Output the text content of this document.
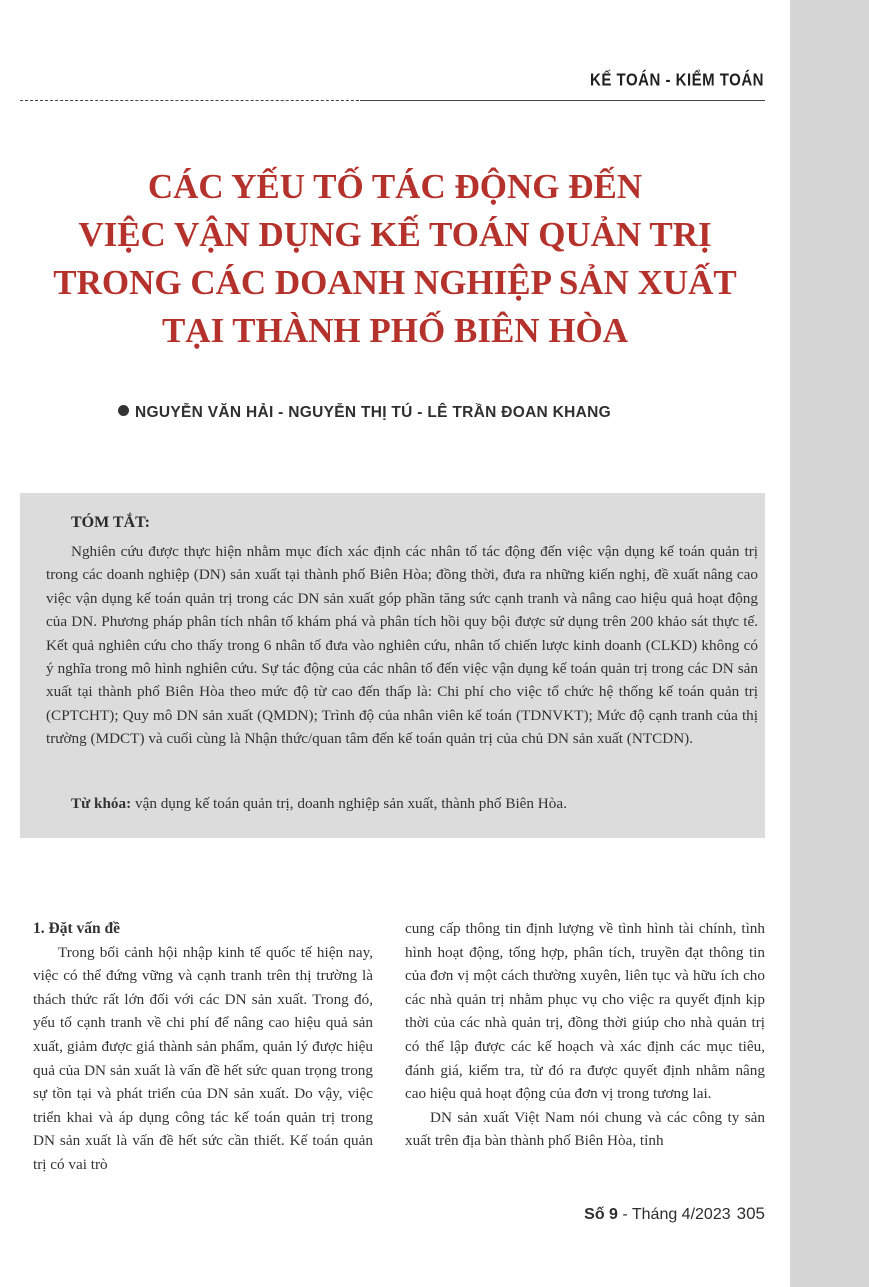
KẾ TOÁN - KIỂM TOÁN
CÁC YẾU TỐ TÁC ĐỘNG ĐẾN
VIỆC VẬN DỤNG KẾ TOÁN QUẢN TRỊ
TRONG CÁC DOANH NGHIỆP SẢN XUẤT
TẠI THÀNH PHỐ BIÊN HÒA
NGUYỄN VĂN HẢI - NGUYỄN THỊ TÚ - LÊ TRẦN ĐOAN KHANG
TÓM TẮT:

Nghiên cứu được thực hiện nhằm mục đích xác định các nhân tố tác động đến việc vận dụng kế toán quản trị trong các doanh nghiệp (DN) sản xuất tại thành phố Biên Hòa; đồng thời, đưa ra những kiến nghị, đề xuất nâng cao việc vận dụng kế toán quản trị trong các DN sản xuất góp phần tăng sức cạnh tranh và nâng cao hiệu quả hoạt động của DN. Phương pháp phân tích nhân tố khám phá và phân tích hồi quy bội được sử dụng trên 200 khảo sát thực tế. Kết quả nghiên cứu cho thấy trong 6 nhân tố đưa vào nghiên cứu, nhân tố chiến lược kinh doanh (CLKD) không có ý nghĩa trong mô hình nghiên cứu. Sự tác động của các nhân tố đến việc vận dụng kế toán quản trị trong các DN sản xuất tại thành phố Biên Hòa theo mức độ từ cao đến thấp là: Chi phí cho việc tổ chức hệ thống kế toán quản trị (CPTCHT); Quy mô DN sản xuất (QMDN); Trình độ của nhân viên kế toán (TDNVKT); Mức độ cạnh tranh của thị trường (MDCT) và cuối cùng là Nhận thức/quan tâm đến kế toán quản trị của chủ DN sản xuất (NTCDN).

Từ khóa: vận dụng kế toán quản trị, doanh nghiệp sản xuất, thành phố Biên Hòa.

1. Đặt vấn đề

Trong bối cảnh hội nhập kinh tế quốc tế hiện nay, việc có thể đứng vững và cạnh tranh trên thị trường là thách thức rất lớn đối với các DN sản xuất. Trong đó, yếu tố cạnh tranh về chi phí để nâng cao hiệu quả sản xuất, giảm được giá thành sản phẩm, quản lý được hiệu quả của DN sản xuất là vấn đề hết sức quan trọng trong sự tồn tại và phát triển của DN sản xuất. Do vậy, việc triển khai và áp dụng công tác kế toán quản trị trong DN sản xuất là vấn đề hết sức cần thiết. Kế toán quản trị có vai trò

cung cấp thông tin định lượng về tình hình tài chính, tình hình hoạt động, tổng hợp, phân tích, truyền đạt thông tin của đơn vị một cách thường xuyên, liên tục và hữu ích cho các nhà quản trị nhằm phục vụ cho việc ra quyết định kịp thời của các nhà quản trị, đồng thời giúp cho nhà quản trị có thể lập được các kế hoạch và xác định các mục tiêu, đánh giá, kiểm tra, từ đó ra được quyết định nhằm nâng cao hiệu quả hoạt động của đơn vị trong tương lai.

DN sản xuất Việt Nam nói chung và các công ty sản xuất trên địa bàn thành phố Biên Hòa, tỉnh

Số 9 - Tháng 4/2023 305
